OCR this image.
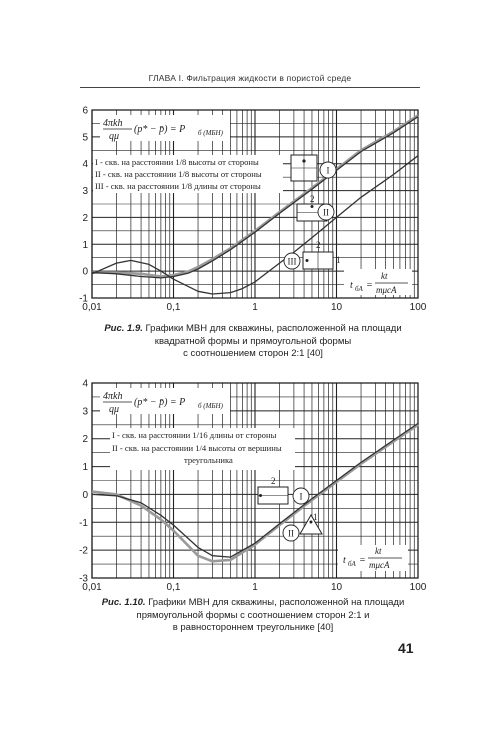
ГЛАВА I. Фильтрация жидкости в пористой среде
0,01	0,1	1	10	100
-1
0
1
2
3
4
5
6
4πkh
qμ
(p* − p̄) = P б (МБН)
I - скв. на расстоянии 1/8 высоты от стороны
II - скв. на расстоянии 1/8 высоты от стороны
III - скв. на расстоянии 1/8 длины от стороны
2
2
1
I
II
III
t бА =
kt
mμcA
Рис. 1.9. Графики МВН для скважины, расположенной на площади
квадратной формы и прямоугольной формы
с соотношением сторон 2:1 [40]
0,01	0,1	1	10	100
-3
-2
-1
0
1
2
3
4
4πkh
qμ
(p* − p̄) = P б (МБН)
I - скв. на расстоянии 1/16 длины от стороны
II - скв. на расстоянии 1/4 высоты от вершины
треугольника
2
I
1
II
t бА =
kt
mμcA
Рис. 1.10. Графики МВН для скважины, расположенной на площади
прямоугольной формы с соотношением сторон 2:1 и
в равностороннем треугольнике [40]
41
